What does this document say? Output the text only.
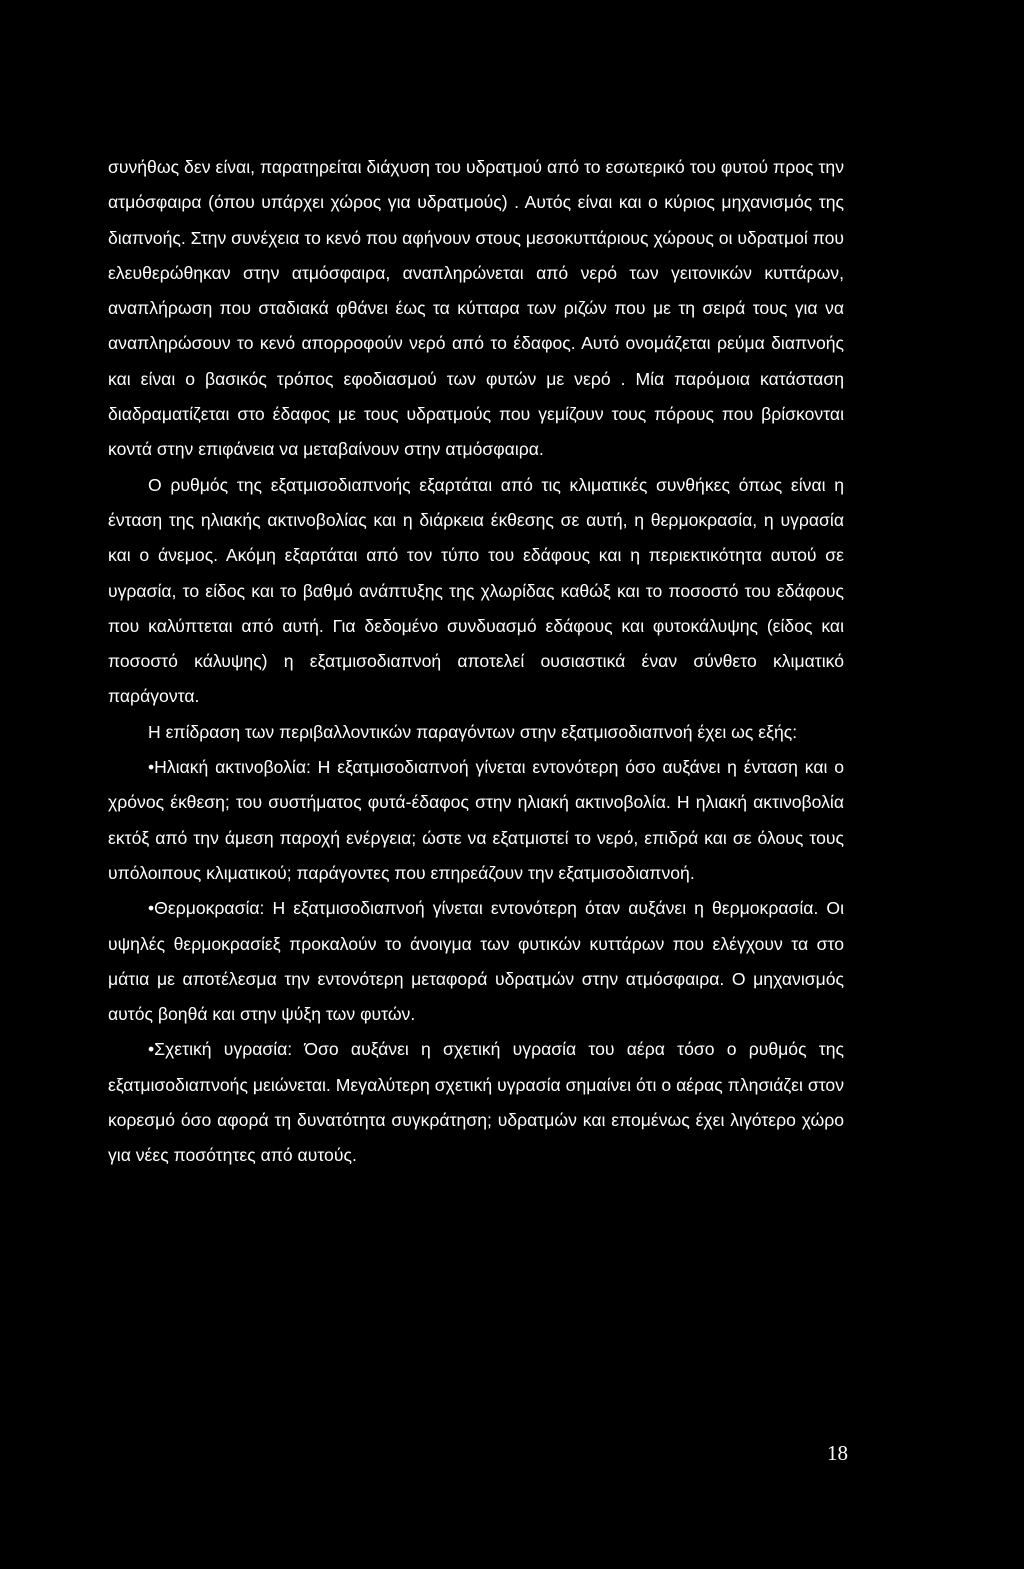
συνήθως δεν είναι, παρατηρείται διάχυση του υδρατμού από το εσωτερικό του φυτού προς την ατμόσφαιρα (όπου υπάρχει χώρος για υδρατμούς) . Αυτός είναι και ο κύριος μηχανισμός της διαπνοής. Στην συνέχεια το κενό που αφήνουν στους μεσοκυττάριους χώρους οι υδρατμοί που ελευθερώθηκαν στην ατμόσφαιρα, αναπληρώνεται από νερό των γειτονικών κυττάρων, αναπλήρωση που σταδιακά φθάνει έως τα κύτταρα των ριζών που με τη σειρά τους για να αναπληρώσουν το κενό απορροφούν νερό από το έδαφος. Αυτό ονομάζεται ρεύμα διαπνοής και είναι ο βασικός τρόπος εφοδιασμού των φυτών με νερό . Μία παρόμοια κατάσταση διαδραματίζεται στο έδαφος με τους υδρατμούς που γεμίζουν τους πόρους που βρίσκονται κοντά στην επιφάνεια να μεταβαίνουν στην ατμόσφαιρα.

Ο ρυθμός της εξατμισοδιαπνοής εξαρτάται από τις κλιματικές συνθήκες όπως είναι η ένταση της ηλιακής ακτινοβολίας και η διάρκεια έκθεσης σε αυτή, η θερμοκρασία, η υγρασία και ο άνεμος. Ακόμη εξαρτάται από τον τύπο του εδάφους και η περιεκτικότητα αυτού σε υγρασία, το είδος και το βαθμό ανάπτυξης της χλωρίδας καθώξ και το ποσοστό του εδάφους που καλύπτεται από αυτή. Για δεδομένο συνδυασμό εδάφους και φυτοκάλυψης (είδος και ποσοστό κάλυψης) η εξατμισοδιαπνοή αποτελεί ουσιαστικά έναν σύνθετο κλιματικό παράγοντα.

Η επίδραση των περιβαλλοντικών παραγόντων στην εξατμισοδιαπνοή έχει ως εξής:

•Ηλιακή ακτινοβολία: Η εξατμισοδιαπνοή γίνεται εντονότερη όσο αυξάνει η ένταση και ο χρόνος έκθεση; του συστήματος φυτά-έδαφος στην ηλιακή ακτινοβολία. Η ηλιακή ακτινοβολία εκτόξ από την άμεση παροχή ενέργεια; ώστε να εξατμιστεί το νερό, επιδρά και σε όλους τους υπόλοιπους κλιματικού; παράγοντες που επηρεάζουν την εξατμισοδιαπνοή.

•Θερμοκρασία: Η εξατμισοδιαπνοή γίνεται εντονότερη όταν αυξάνει η θερμοκρασία. Οι υψηλές θερμοκρασίεξ προκαλούν το άνοιγμα των φυτικών κυττάρων που ελέγχουν τα στο μάτια με αποτέλεσμα την εντονότερη μεταφορά υδρατμών στην ατμόσφαιρα. Ο μηχανισμός αυτός βοηθά και στην ψύξη των φυτών.

•Σχετική υγρασία: Όσο αυξάνει η σχετική υγρασία του αέρα τόσο ο ρυθμός της εξατμισοδιαπνοής μειώνεται. Μεγαλύτερη σχετική υγρασία σημαίνει ότι ο αέρας πλησιάζει στον κορεσμό όσο αφορά τη δυνατότητα συγκράτηση; υδρατμών και επομένως έχει λιγότερο χώρο για νέες ποσότητες από αυτούς.

18
